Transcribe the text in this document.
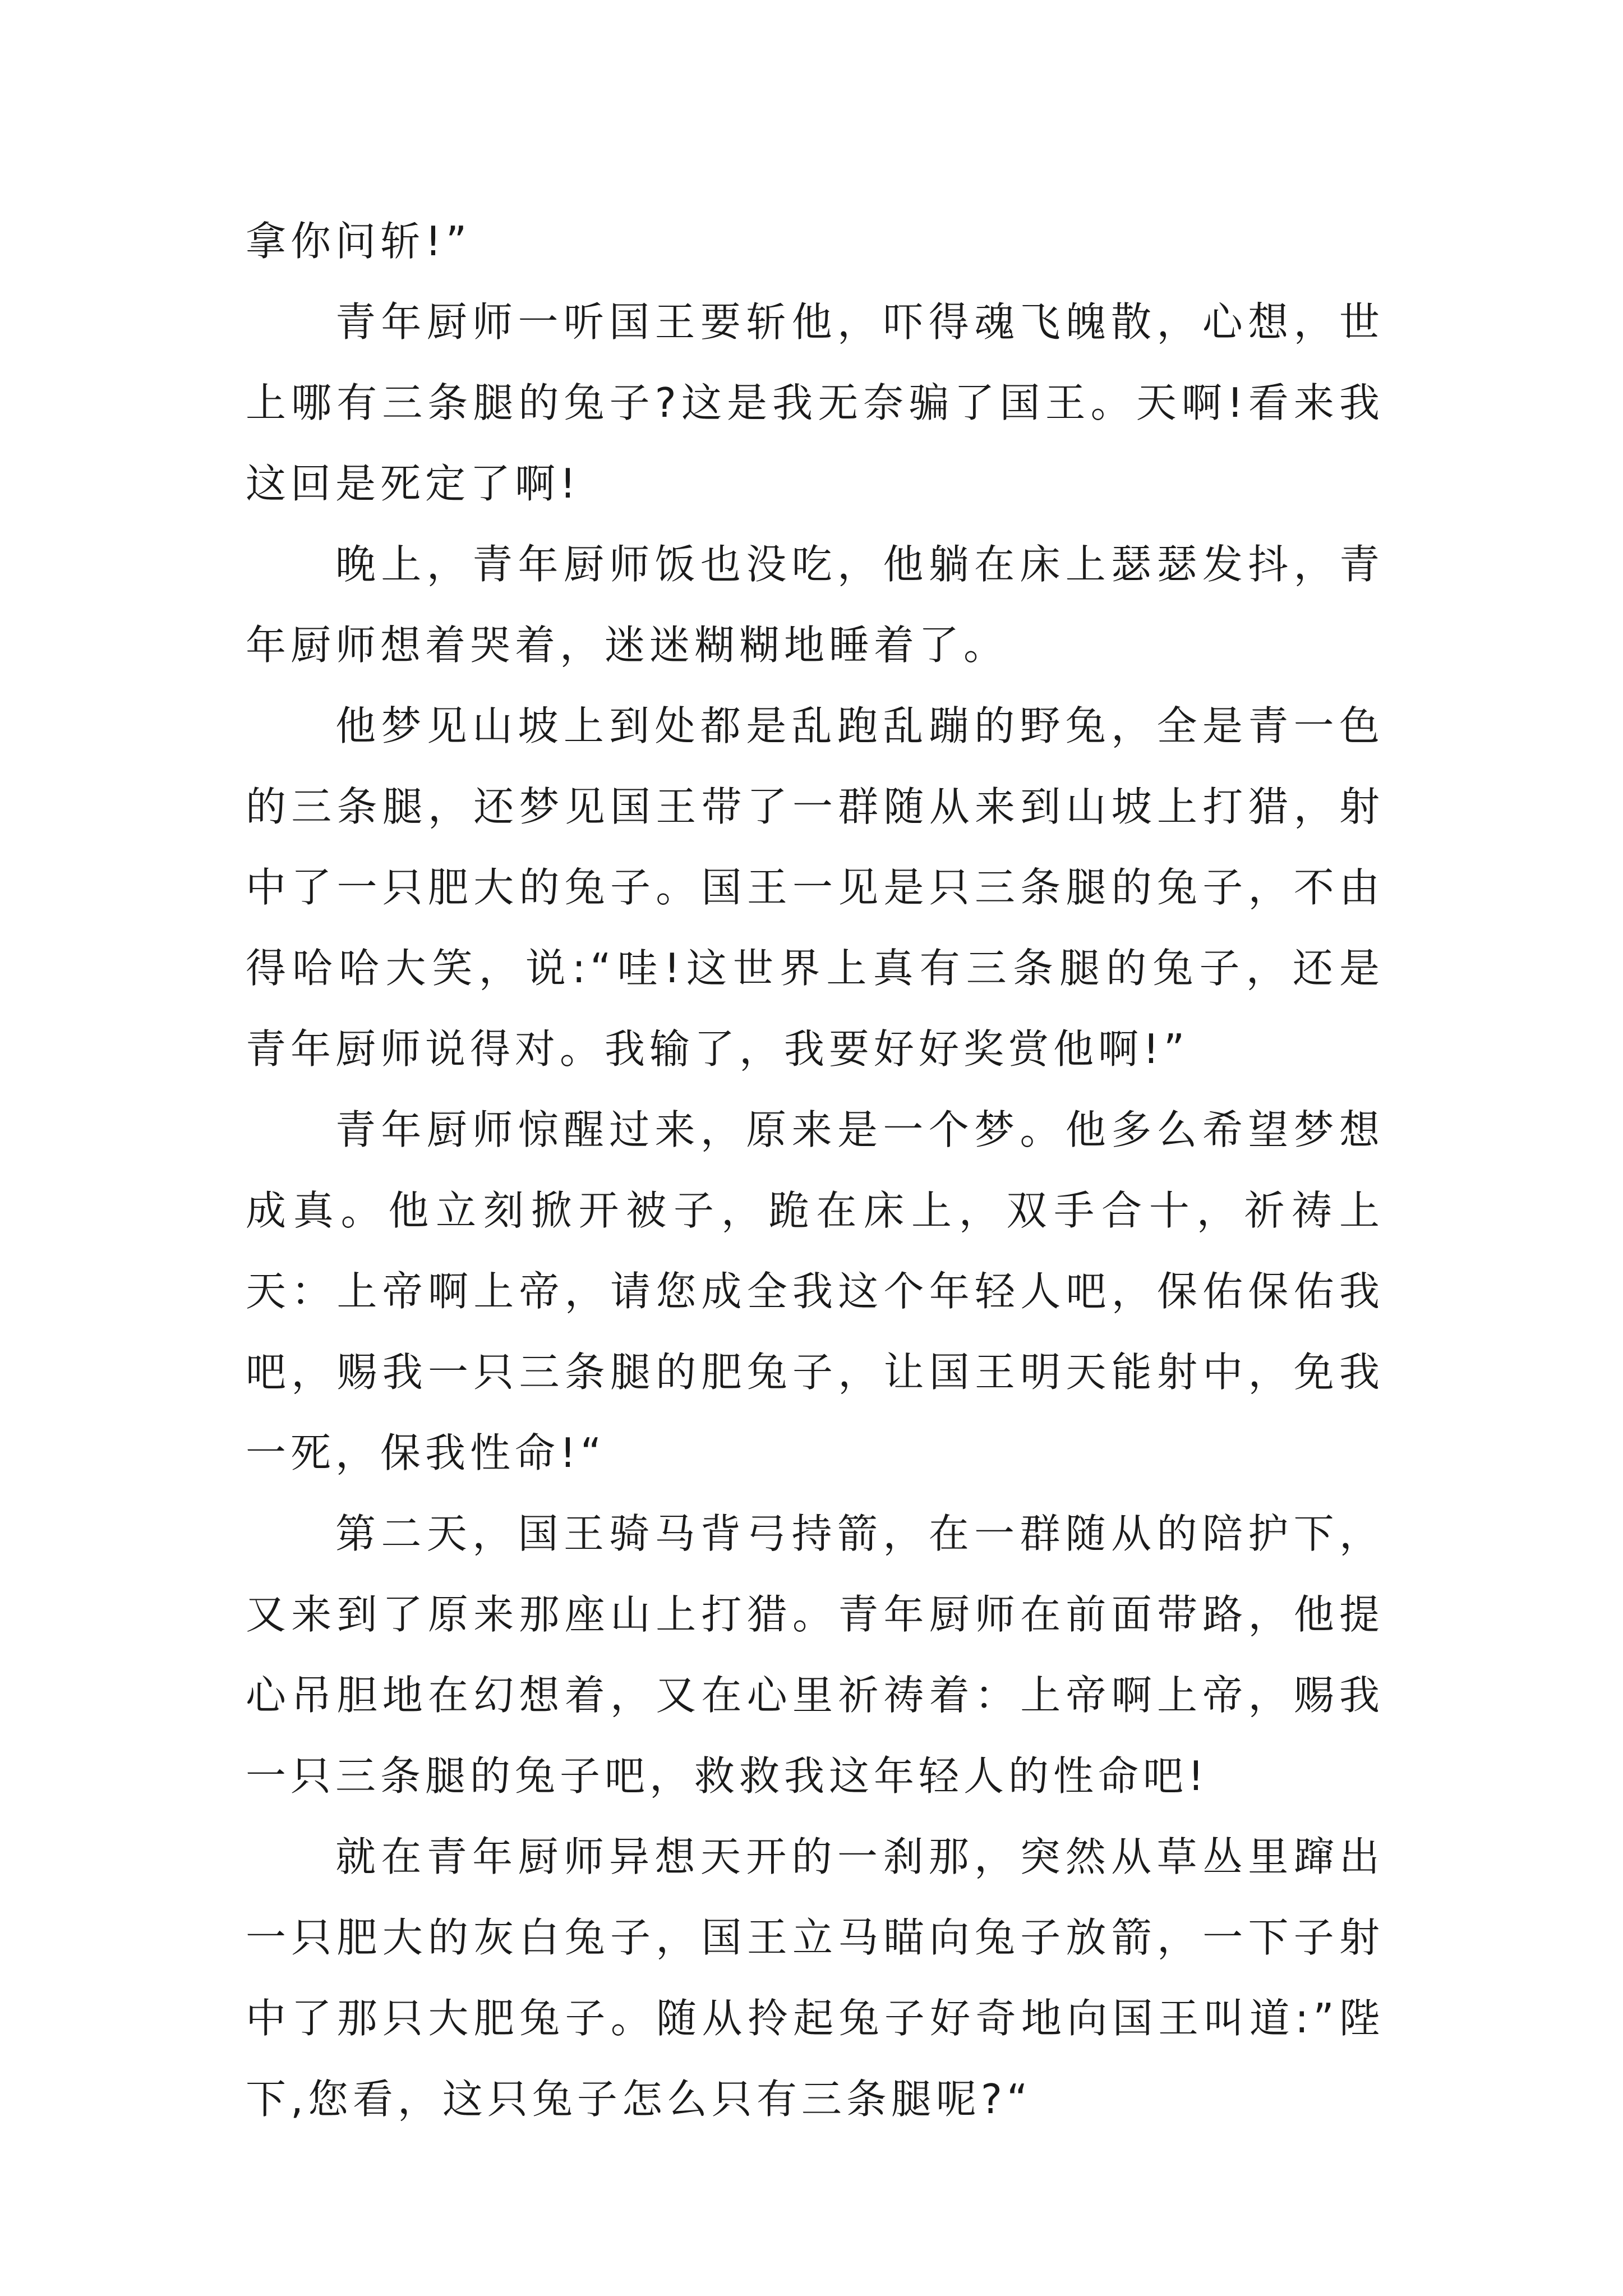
拿你问斩!”

青年厨师一听国王要斩他，吓得魂飞魄散，心想，世上哪有三条腿的兔子?这是我无奈骗了国王。天啊!看来我这回是死定了啊!

晚上，青年厨师饭也没吃，他躺在床上瑟瑟发抖，青年厨师想着哭着，迷迷糊糊地睡着了。

他梦见山坡上到处都是乱跑乱蹦的野兔，全是青一色的三条腿，还梦见国王带了一群随从来到山坡上打猎，射中了一只肥大的兔子。国王一见是只三条腿的兔子，不由得哈哈大笑，说:“哇!这世界上真有三条腿的兔子，还是青年厨师说得对。我输了，我要好好奖赏他啊!”

青年厨师惊醒过来，原来是一个梦。他多么希望梦想成真。他立刻掀开被子，跪在床上，双手合十，祈祷上天：上帝啊上帝，请您成全我这个年轻人吧，保佑保佑我吧，赐我一只三条腿的肥兔子，让国王明天能射中，免我一死，保我性命!“

第二天，国王骑马背弓持箭，在一群随从的陪护下，又来到了原来那座山上打猎。青年厨师在前面带路，他提心吊胆地在幻想着，又在心里祈祷着：上帝啊上帝，赐我一只三条腿的兔子吧，救救我这年轻人的性命吧!

就在青年厨师异想天开的一刹那，突然从草丛里蹿出一只肥大的灰白兔子，国王立马瞄向兔子放箭，一下子射中了那只大肥兔子。随从拎起兔子好奇地向国王叫道:”陛下,您看，这只兔子怎么只有三条腿呢?“
